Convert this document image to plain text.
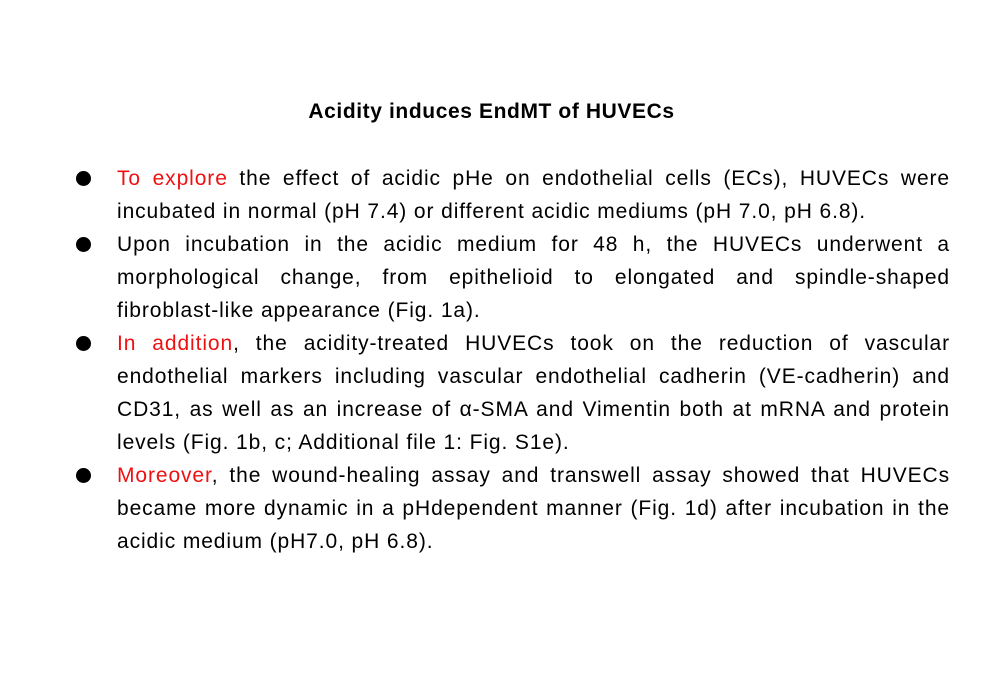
Acidity induces EndMT of HUVECs
To explore the effect of acidic pHe on endothelial cells (ECs), HUVECs were incubated in normal (pH 7.4) or different acidic mediums (pH 7.0, pH 6.8).
Upon incubation in the acidic medium for 48 h, the HUVECs underwent a morphological change, from epithelioid to elongated and spindle-shaped fibroblast-like appearance (Fig. 1a).
In addition, the acidity-treated HUVECs took on the reduction of vascular endothelial markers including vascular endothelial cadherin (VE-cadherin) and CD31, as well as an increase of α-SMA and Vimentin both at mRNA and protein levels (Fig. 1b, c; Additional file 1: Fig. S1e).
Moreover, the wound-healing assay and transwell assay showed that HUVECs became more dynamic in a pHdependent manner (Fig. 1d) after incubation in the acidic medium (pH7.0, pH 6.8).
